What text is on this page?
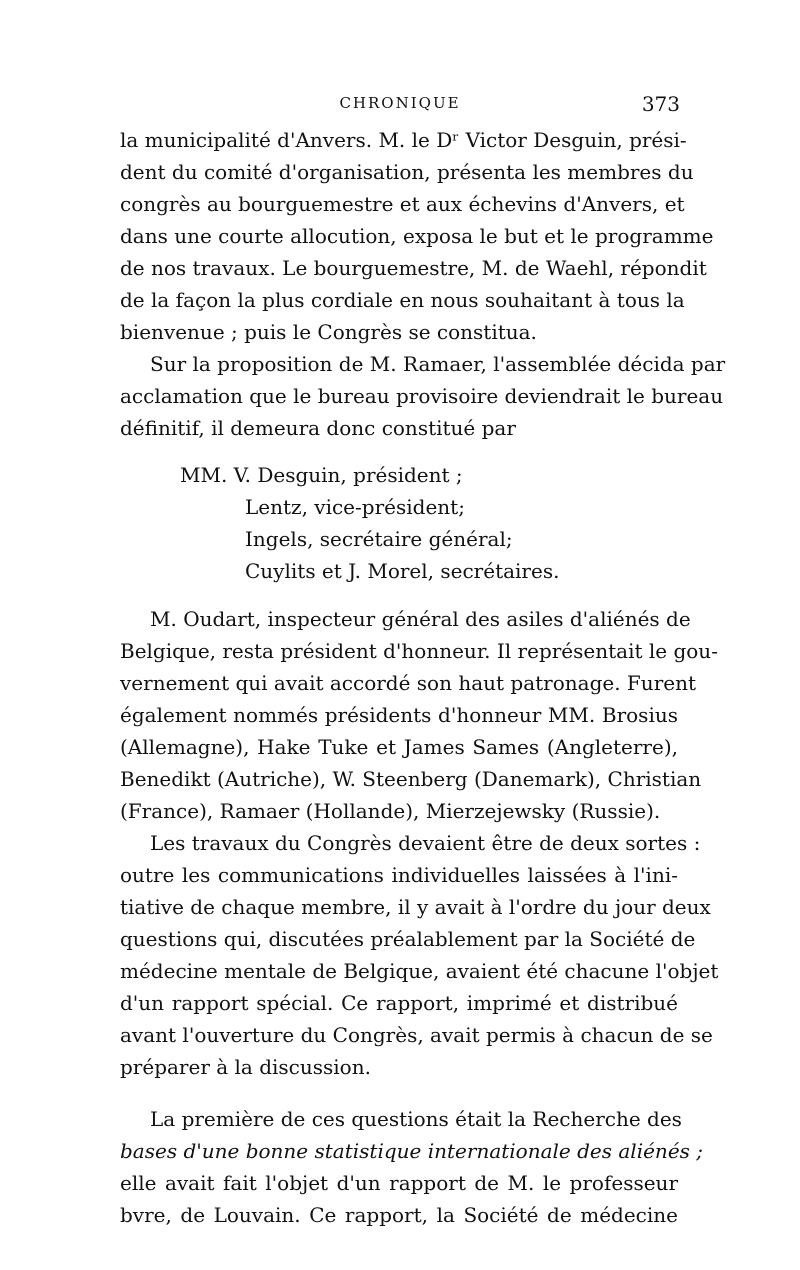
CHRONIQUE	373
la municipalité d'Anvers. M. le Dʳ Victor Desguin, prési-
dent du comité d'organisation, présenta les membres du
congrès au bourguemestre et aux échevins d'Anvers, et
dans une courte allocution, exposa le but et le programme
de nos travaux. Le bourguemestre, M. de Waehl, répondit
de la façon la plus cordiale en nous souhaitant à tous la
bienvenue ; puis le Congrès se constitua.
Sur la proposition de M. Ramaer, l'assemblée décida par
acclamation que le bureau provisoire deviendrait le bureau
définitif, il demeura donc constitué par
MM. V. Desguin, président ;
Lentz, vice-président;
Ingels, secrétaire général;
Cuylits et J. Morel, secrétaires.
M. Oudart, inspecteur général des asiles d'aliénés de
Belgique, resta président d'honneur. Il représentait le gou-
vernement qui avait accordé son haut patronage. Furent
également nommés présidents d'honneur MM. Brosius
(Allemagne), Hake Tuke et James Sames (Angleterre),
Benedikt (Autriche), W. Steenberg (Danemark), Christian
(France), Ramaer (Hollande), Mierzejewsky (Russie).
Les travaux du Congrès devaient être de deux sortes :
outre les communications individuelles laissées à l'ini-
tiative de chaque membre, il y avait à l'ordre du jour deux
questions qui, discutées préalablement par la Société de
médecine mentale de Belgique, avaient été chacune l'objet
d'un rapport spécial. Ce rapport, imprimé et distribué
avant l'ouverture du Congrès, avait permis à chacun de se
préparer à la discussion.
La première de ces questions était la Recherche des
bases d'une bonne statistique internationale des aliénés ;
elle avait fait l'objet d'un rapport de M. le professeur
bvre, de Louvain. Ce rapport, la Société de médecine
